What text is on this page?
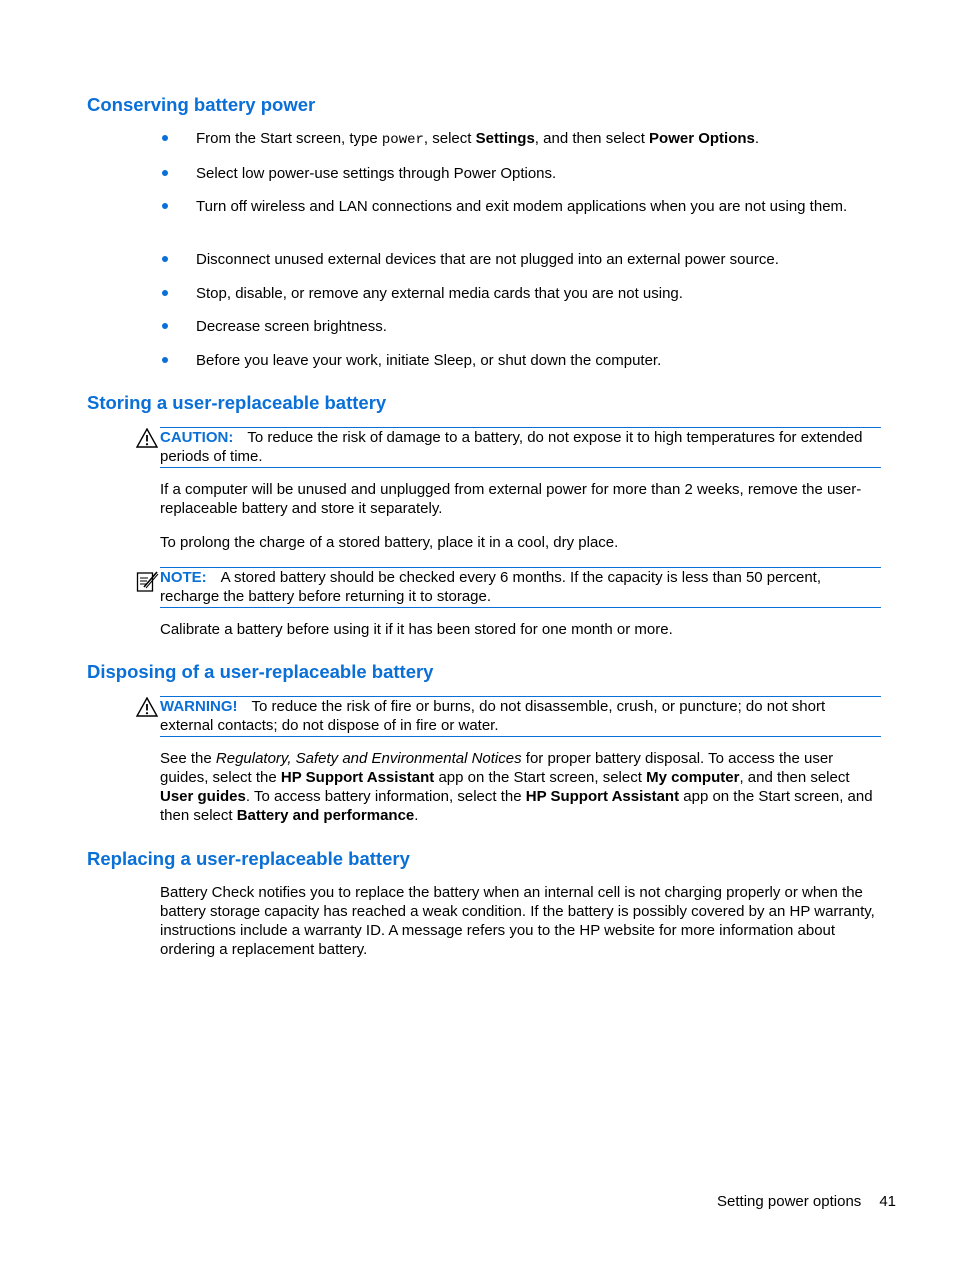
Conserving battery power
From the Start screen, type power, select Settings, and then select Power Options.
Select low power-use settings through Power Options.
Turn off wireless and LAN connections and exit modem applications when you are not using them.
Disconnect unused external devices that are not plugged into an external power source.
Stop, disable, or remove any external media cards that you are not using.
Decrease screen brightness.
Before you leave your work, initiate Sleep, or shut down the computer.
Storing a user-replaceable battery
CAUTION: To reduce the risk of damage to a battery, do not expose it to high temperatures for extended periods of time.

If a computer will be unused and unplugged from external power for more than 2 weeks, remove the user-replaceable battery and store it separately.

To prolong the charge of a stored battery, place it in a cool, dry place.

NOTE: A stored battery should be checked every 6 months. If the capacity is less than 50 percent, recharge the battery before returning it to storage.

Calibrate a battery before using it if it has been stored for one month or more.

Disposing of a user-replaceable battery
WARNING! To reduce the risk of fire or burns, do not disassemble, crush, or puncture; do not short external contacts; do not dispose of in fire or water.

See the Regulatory, Safety and Environmental Notices for proper battery disposal. To access the user guides, select the HP Support Assistant app on the Start screen, select My computer, and then select User guides. To access battery information, select the HP Support Assistant app on the Start screen, and then select Battery and performance.

Replacing a user-replaceable battery

Battery Check notifies you to replace the battery when an internal cell is not charging properly or when the battery storage capacity has reached a weak condition. If the battery is possibly covered by an HP warranty, instructions include a warranty ID. A message refers you to the HP website for more information about ordering a replacement battery.

Setting power options 41
